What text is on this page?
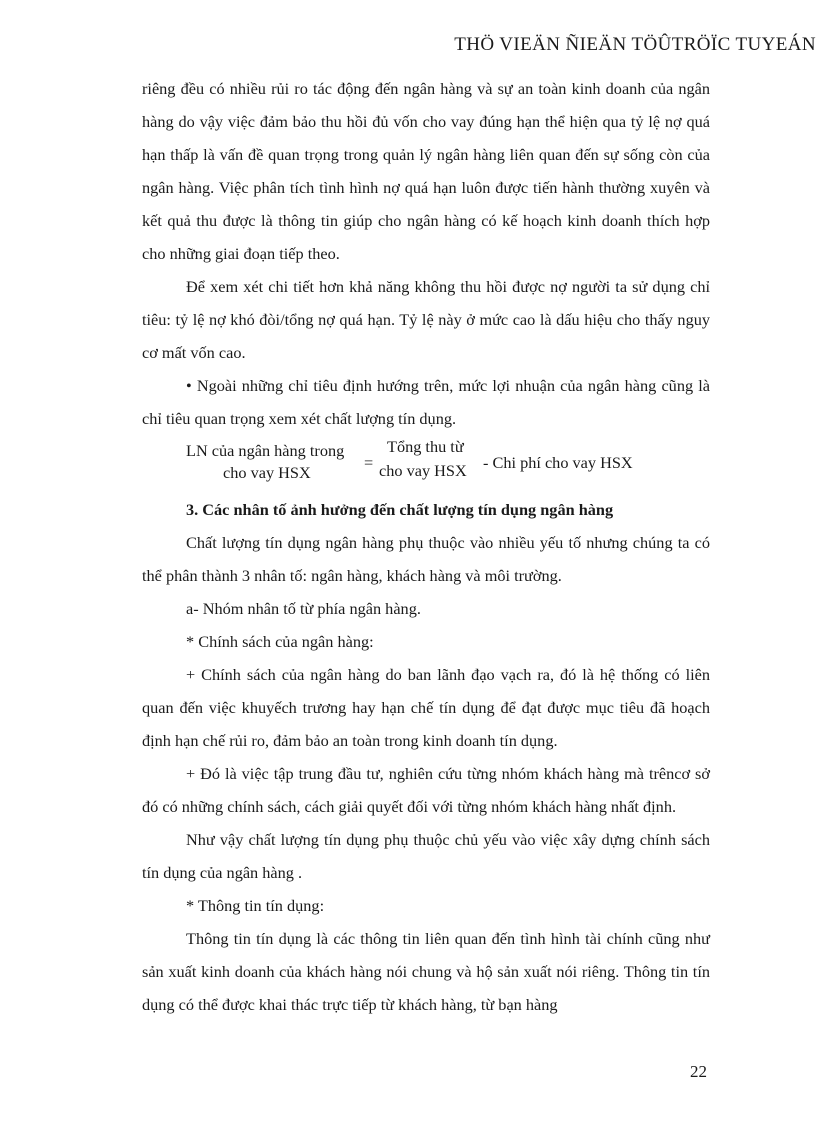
THÖ VIEÄN ÑIEÄN TÖÛTRÖÏC TUYEÁN

riêng đều có nhiều rủi ro tác động đến ngân hàng và sự an toàn kinh doanh của ngân hàng do vậy việc đảm bảo thu hồi đủ vốn cho vay đúng hạn thể hiện qua tỷ lệ nợ quá hạn thấp là vấn đề quan trọng trong quản lý ngân hàng liên quan đến sự sống còn của ngân hàng. Việc phân tích tình hình nợ quá hạn luôn được tiến hành thường xuyên và kết quả thu được là thông tin giúp cho ngân hàng có kế hoạch kinh doanh thích hợp cho những giai đoạn tiếp theo.

Để xem xét chi tiết hơn khả năng không thu hồi được nợ người ta sử dụng chỉ tiêu: tỷ lệ nợ khó đòi/tổng nợ quá hạn. Tỷ lệ này ở mức cao là dấu hiệu cho thấy nguy cơ mất vốn cao.

• Ngoài những chỉ tiêu định hướng trên, mức lợi nhuận của ngân hàng cũng là chỉ tiêu quan trọng xem xét chất lượng tín dụng.

LN của ngân hàng trong
cho vay HSX
=
Tổng thu từ
cho vay HSX - Chi phí cho vay HSX

3. Các nhân tố ảnh hưởng đến chất lượng tín dụng ngân hàng

Chất lượng tín dụng ngân hàng phụ thuộc vào nhiều yếu tố nhưng chúng ta có thể phân thành 3 nhân tố: ngân hàng, khách hàng và môi trường.

a- Nhóm nhân tố từ phía ngân hàng.

* Chính sách của ngân hàng:

+ Chính sách của ngân hàng do ban lãnh đạo vạch ra, đó là hệ thống có liên quan đến việc khuyếch trương hay hạn chế tín dụng để đạt được mục tiêu đã hoạch định hạn chế rủi ro, đảm bảo an toàn trong kinh doanh tín dụng.

+ Đó là việc tập trung đầu tư, nghiên cứu từng nhóm khách hàng mà trêncơ sở đó có những chính sách, cách giải quyết đối với từng nhóm khách hàng nhất định.

Như vậy chất lượng tín dụng phụ thuộc chủ yếu vào việc xây dựng chính sách tín dụng của ngân hàng .

* Thông tin tín dụng:

Thông tin tín dụng là các thông tin liên quan đến tình hình tài chính cũng như sản xuất kinh doanh của khách hàng nói chung và hộ sản xuất nói riêng. Thông tin tín dụng có thể được khai thác trực tiếp từ khách hàng, từ bạn hàng

22
